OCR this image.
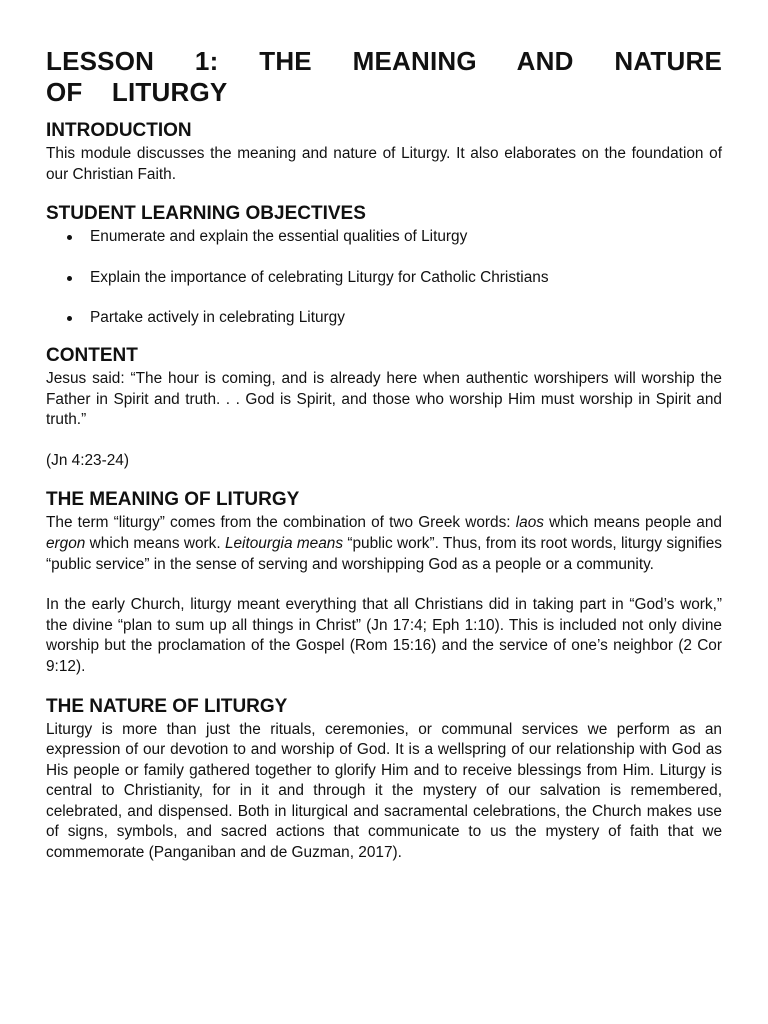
LESSON 1: THE MEANING AND NATURE OF LITURGY
INTRODUCTION

This module discusses the meaning and nature of Liturgy. It also elaborates on the foundation of our Christian Faith.

STUDENT LEARNING OBJECTIVES
Enumerate and explain the essential qualities of Liturgy
Explain the importance of celebrating Liturgy for Catholic Christians
Partake actively in celebrating Liturgy
CONTENT

Jesus said: “The hour is coming, and is already here when authentic worshipers will worship the Father in Spirit and truth. . . God is Spirit, and those who worship Him must worship in Spirit and truth.”

(Jn 4:23-24)

THE MEANING OF LITURGY

The term “liturgy” comes from the combination of two Greek words: laos which means people and ergon which means work. Leitourgia means “public work”. Thus, from its root words, liturgy signifies “public service” in the sense of serving and worshipping God as a people or a community.

In the early Church, liturgy meant everything that all Christians did in taking part in “God’s work,” the divine “plan to sum up all things in Christ” (Jn 17:4; Eph 1:10). This is included not only divine worship but the proclamation of the Gospel (Rom 15:16) and the service of one’s neighbor (2 Cor 9:12).

THE NATURE OF LITURGY

Liturgy is more than just the rituals, ceremonies, or communal services we perform as an expression of our devotion to and worship of God. It is a wellspring of our relationship with God as His people or family gathered together to glorify Him and to receive blessings from Him. Liturgy is central to Christianity, for in it and through it the mystery of our salvation is remembered, celebrated, and dispensed. Both in liturgical and sacramental celebrations, the Church makes use of signs, symbols, and sacred actions that communicate to us the mystery of faith that we commemorate (Panganiban and de Guzman, 2017).
